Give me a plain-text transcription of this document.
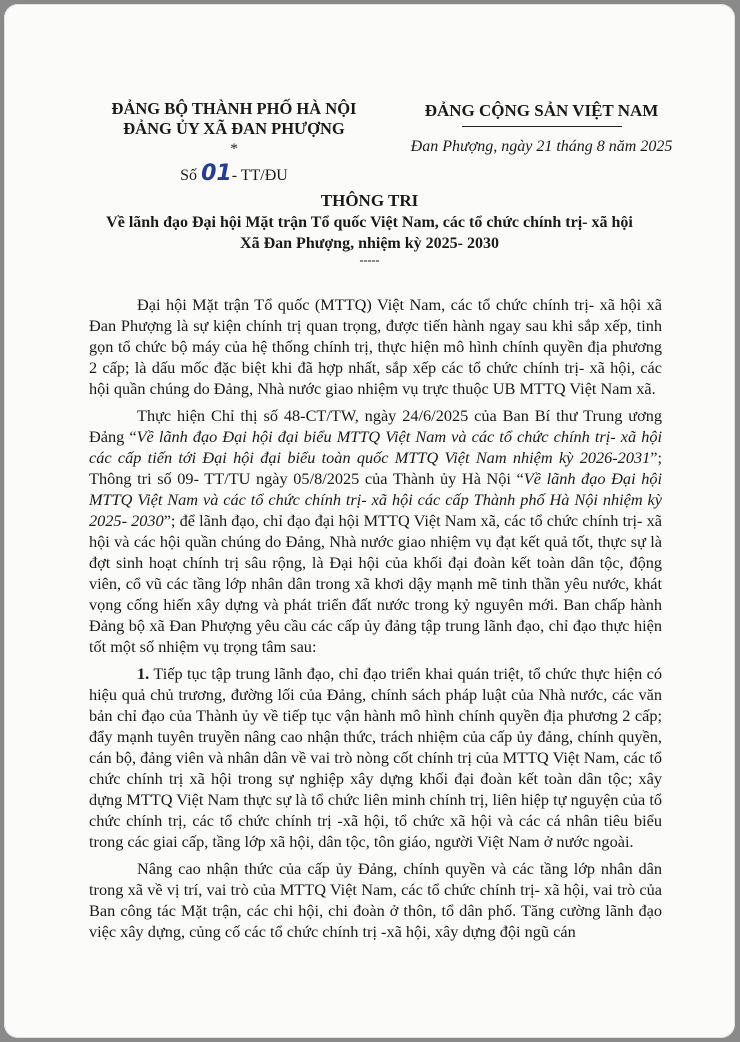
ĐẢNG BỘ THÀNH PHỐ HÀ NỘI
ĐẢNG ỦY XÃ ĐAN PHƯỢNG
*
Số 01- TT/ĐU
ĐẢNG CỘNG SẢN VIỆT NAM
Đan Phượng, ngày 21 tháng 8 năm 2025
THÔNG TRI
Về lãnh đạo Đại hội Mặt trận Tổ quốc Việt Nam, các tổ chức chính trị- xã hội
Xã Đan Phượng, nhiệm kỳ 2025- 2030
-----

Đại hội Mặt trận Tổ quốc (MTTQ) Việt Nam, các tổ chức chính trị- xã hội xã Đan Phượng là sự kiện chính trị quan trọng, được tiến hành ngay sau khi sắp xếp, tinh gọn tổ chức bộ máy của hệ thống chính trị, thực hiện mô hình chính quyền địa phương 2 cấp; là dấu mốc đặc biệt khi đã hợp nhất, sắp xếp các tổ chức chính trị- xã hội, các hội quần chúng do Đảng, Nhà nước giao nhiệm vụ trực thuộc UB MTTQ Việt Nam xã.

Thực hiện Chỉ thị số 48-CT/TW, ngày 24/6/2025 của Ban Bí thư Trung ương Đảng “Về lãnh đạo Đại hội đại biểu MTTQ Việt Nam và các tổ chức chính trị- xã hội các cấp tiến tới Đại hội đại biểu toàn quốc MTTQ Việt Nam nhiệm kỳ 2026-2031”; Thông tri số 09- TT/TU ngày 05/8/2025 của Thành ủy Hà Nội “Về lãnh đạo Đại hội MTTQ Việt Nam và các tổ chức chính trị- xã hội các cấp Thành phố Hà Nội nhiệm kỳ 2025- 2030”; để lãnh đạo, chỉ đạo đại hội MTTQ Việt Nam xã, các tổ chức chính trị- xã hội và các hội quần chúng do Đảng, Nhà nước giao nhiệm vụ đạt kết quả tốt, thực sự là đợt sinh hoạt chính trị sâu rộng, là Đại hội của khối đại đoàn kết toàn dân tộc, động viên, cổ vũ các tầng lớp nhân dân trong xã khơi dậy mạnh mẽ tinh thần yêu nước, khát vọng cống hiến xây dựng và phát triển đất nước trong kỷ nguyên mới. Ban chấp hành Đảng bộ xã Đan Phượng yêu cầu các cấp ủy đảng tập trung lãnh đạo, chỉ đạo thực hiện tốt một số nhiệm vụ trọng tâm sau:

1. Tiếp tục tập trung lãnh đạo, chỉ đạo triển khai quán triệt, tổ chức thực hiện có hiệu quả chủ trương, đường lối của Đảng, chính sách pháp luật của Nhà nước, các văn bản chỉ đạo của Thành ủy về tiếp tục vận hành mô hình chính quyền địa phương 2 cấp; đẩy mạnh tuyên truyền nâng cao nhận thức, trách nhiệm của cấp ủy đảng, chính quyền, cán bộ, đảng viên và nhân dân về vai trò nòng cốt chính trị của MTTQ Việt Nam, các tổ chức chính trị xã hội trong sự nghiệp xây dựng khối đại đoàn kết toàn dân tộc; xây dựng MTTQ Việt Nam thực sự là tổ chức liên minh chính trị, liên hiệp tự nguyện của tổ chức chính trị, các tổ chức chính trị -xã hội, tổ chức xã hội và các cá nhân tiêu biểu trong các giai cấp, tầng lớp xã hội, dân tộc, tôn giáo, người Việt Nam ở nước ngoài.

Nâng cao nhận thức của cấp ủy Đảng, chính quyền và các tầng lớp nhân dân trong xã về vị trí, vai trò của MTTQ Việt Nam, các tổ chức chính trị- xã hội, vai trò của Ban công tác Mặt trận, các chi hội, chi đoàn ở thôn, tổ dân phố. Tăng cường lãnh đạo việc xây dựng, củng cố các tổ chức chính trị -xã hội, xây dựng đội ngũ cán
